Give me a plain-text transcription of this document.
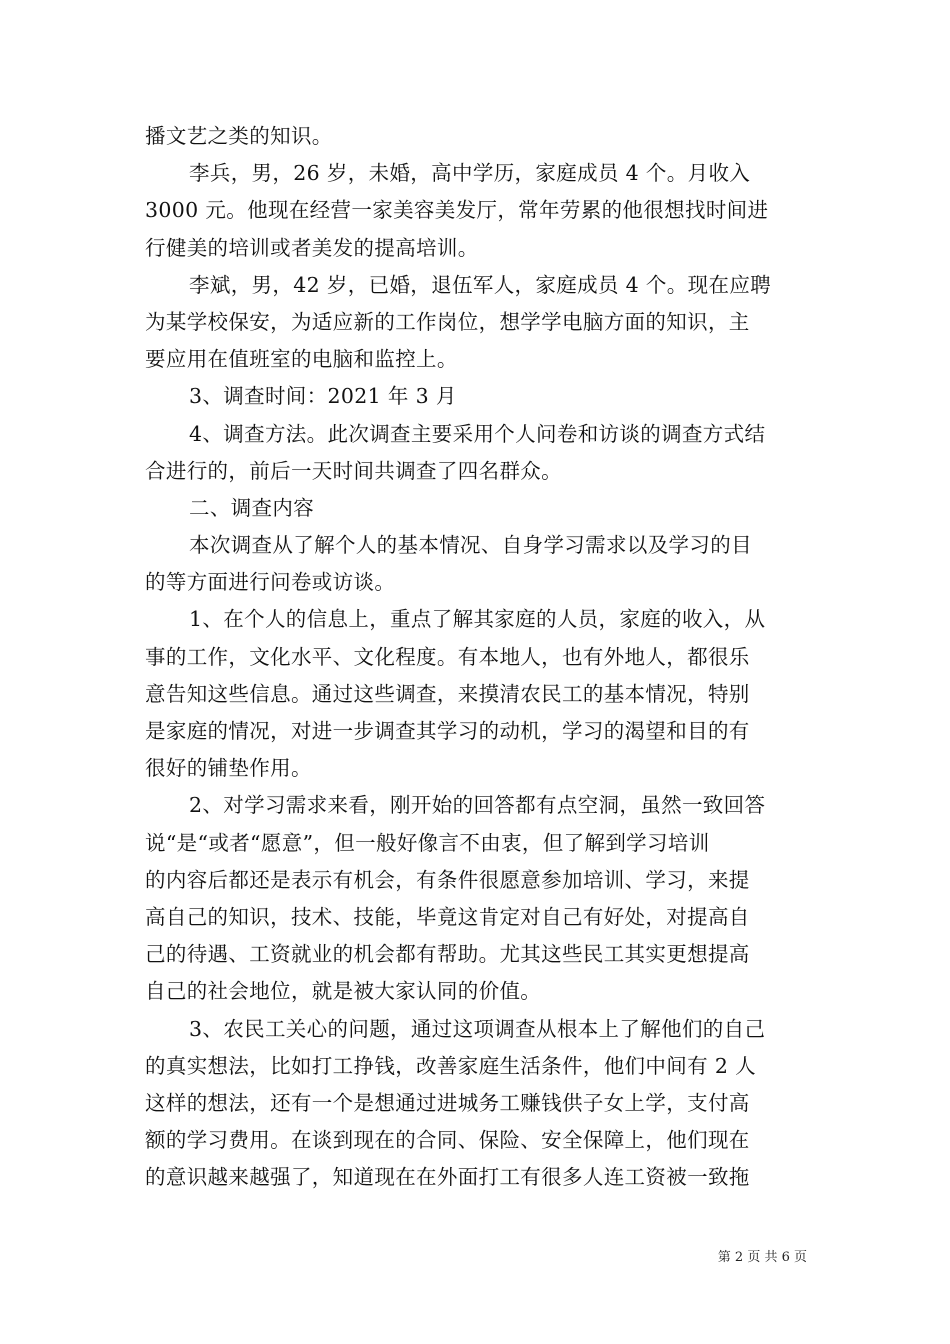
播文艺之类的知识。
李兵，男，26 岁，未婚，高中学历，家庭成员 4 个。月收入
3000 元。他现在经营一家美容美发厅，常年劳累的他很想找时间进
行健美的培训或者美发的提高培训。
李斌，男，42 岁，已婚，退伍军人，家庭成员 4 个。现在应聘
为某学校保安，为适应新的工作岗位，想学学电脑方面的知识，主
要应用在值班室的电脑和监控上。
3、调查时间：2021 年 3 月
4、调查方法。此次调查主要采用个人问卷和访谈的调查方式结
合进行的，前后一天时间共调查了四名群众。
二、调查内容
本次调查从了解个人的基本情况、自身学习需求以及学习的目
的等方面进行问卷或访谈。
1、在个人的信息上，重点了解其家庭的人员，家庭的收入，从
事的工作，文化水平、文化程度。有本地人，也有外地人，都很乐
意告知这些信息。通过这些调查，来摸清农民工的基本情况，特别
是家庭的情况，对进一步调查其学习的动机，学习的渴望和目的有
很好的铺垫作用。
2、对学习需求来看，刚开始的回答都有点空洞，虽然一致回答
说“是“或者“愿意”，但一般好像言不由衷，但了解到学习培训
的内容后都还是表示有机会，有条件很愿意参加培训、学习，来提
高自己的知识，技术、技能，毕竟这肯定对自己有好处，对提高自
己的待遇、工资就业的机会都有帮助。尤其这些民工其实更想提高
自己的社会地位，就是被大家认同的价值。
3、农民工关心的问题，通过这项调查从根本上了解他们的自己
的真实想法，比如打工挣钱，改善家庭生活条件，他们中间有 2 人
这样的想法，还有一个是想通过进城务工赚钱供子女上学，支付高
额的学习费用。在谈到现在的合同、保险、安全保障上，他们现在
的意识越来越强了，知道现在在外面打工有很多人连工资被一致拖
第 2 页 共 6 页
